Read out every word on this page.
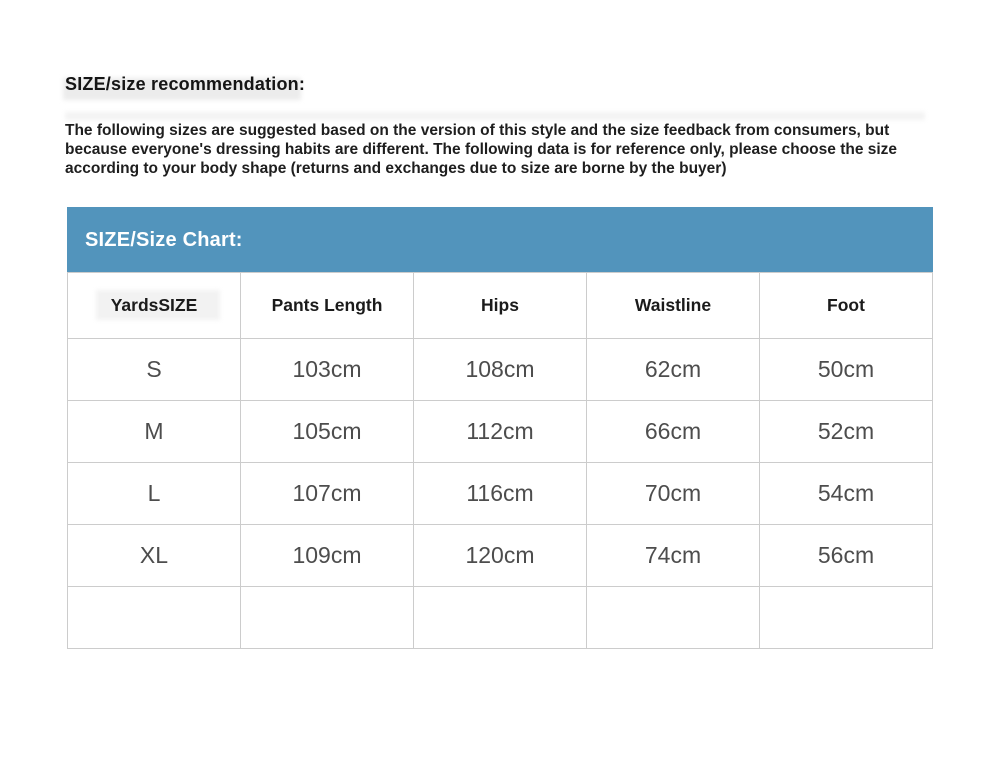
SIZE/size recommendation:

The following sizes are suggested based on the version of this style and the size feedback from consumers, but because everyone's dressing habits are different. The following data is for reference only, please choose the size according to your body shape (returns and exchanges due to size are borne by the buyer)

SIZE/Size Chart:
YardsSIZE	Pants Length	Hips	Waistline	Foot
S	103cm	108cm	62cm	50cm
M	105cm	112cm	66cm	52cm
L	107cm	116cm	70cm	54cm
XL	109cm	120cm	74cm	56cm
